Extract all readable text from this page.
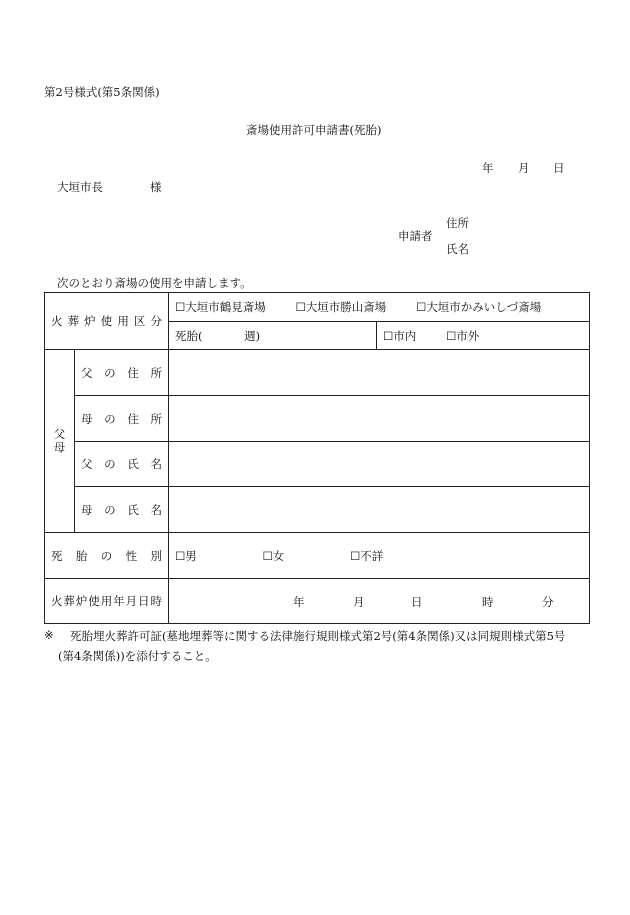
第2号様式(第5条関係)
斎場使用許可申請書(死胎)
年 月 日
大垣市長	様
住所
申請者
氏名
次のとおり斎場の使用を申請します。
火葬炉使用区分		☐大垣市鶴見斎場 ☐大垣市勝山斎場 ☐大垣市かみいしづ斎場	
		死胎( 週)	☐市内 ☐市外
父母	父の住所		
	母の住所		
	父の氏名		
	母の氏名		
死胎の性別		☐男 ☐女 ☐不詳	
火葬炉使用年月日時		年 月 日 時 分	
※ 死胎埋火葬許可証(墓地埋葬等に関する法律施行規則様式第2号(第4条関係)又は同規則様式第5号
(第4条関係))を添付すること。
